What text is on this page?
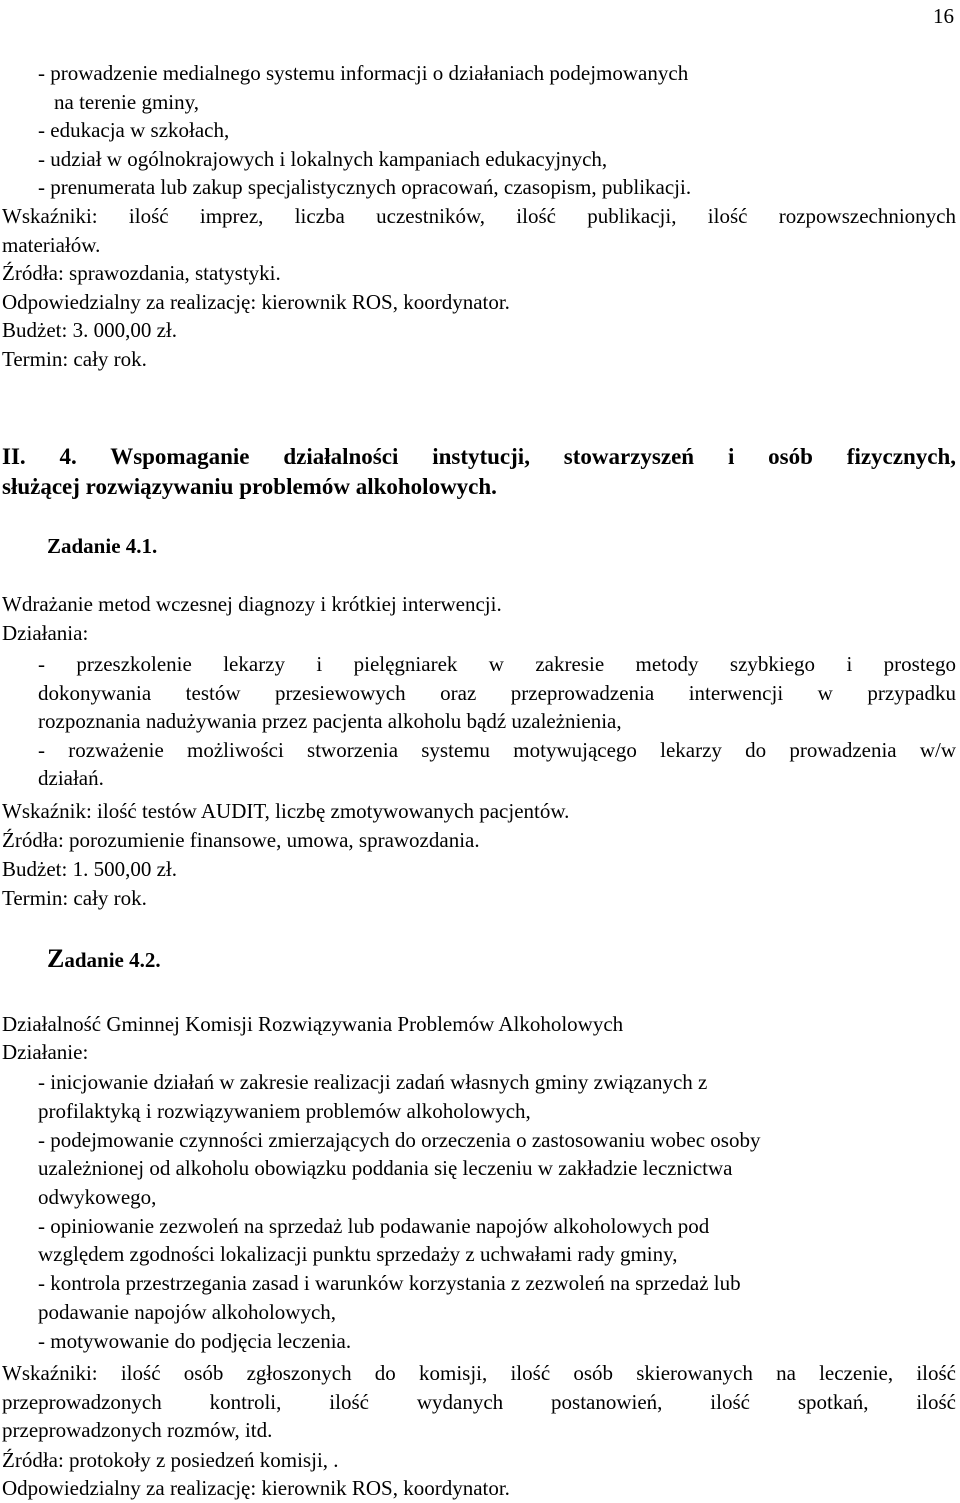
16
- prowadzenie medialnego systemu informacji o działaniach podejmowanych
na terenie gminy,
- edukacja w szkołach,
- udział w ogólnokrajowych i lokalnych kampaniach edukacyjnych,
- prenumerata lub zakup specjalistycznych opracowań, czasopism, publikacji.
Wskaźniki: ilość imprez, liczba uczestników, ilość publikacji, ilość rozpowszechnionych
materiałów.
Źródła: sprawozdania, statystyki.
Odpowiedzialny za realizację: kierownik ROS, koordynator.
Budżet: 3. 000,00 zł.
Termin: cały rok.
II. 4. Wspomaganie działalności instytucji, stowarzyszeń i osób fizycznych,
służącej rozwiązywaniu problemów alkoholowych.
Zadanie 4.1.
Wdrażanie metod wczesnej diagnozy i krótkiej interwencji.
Działania:
- przeszkolenie lekarzy i pielęgniarek w zakresie metody szybkiego i prostego
dokonywania testów przesiewowych oraz przeprowadzenia interwencji w przypadku
rozpoznania nadużywania przez pacjenta alkoholu bądź uzależnienia,
- rozważenie możliwości stworzenia systemu motywującego lekarzy do prowadzenia w/w
działań.
Wskaźnik: ilość testów AUDIT, liczbę zmotywowanych pacjentów.
Źródła: porozumienie finansowe, umowa, sprawozdania.
Budżet: 1. 500,00 zł.
Termin: cały rok.
Zadanie 4.2.
Działalność Gminnej Komisji Rozwiązywania Problemów Alkoholowych
Działanie:
- inicjowanie działań w zakresie realizacji zadań własnych gminy związanych z
profilaktyką i rozwiązywaniem problemów alkoholowych,
- podejmowanie czynności zmierzających do orzeczenia o zastosowaniu wobec osoby
uzależnionej od alkoholu obowiązku poddania się leczeniu w zakładzie lecznictwa
odwykowego,
- opiniowanie zezwoleń na sprzedaż lub podawanie napojów alkoholowych pod
względem zgodności lokalizacji punktu sprzedaży z uchwałami rady gminy,
- kontrola przestrzegania zasad i warunków korzystania z zezwoleń na sprzedaż lub
podawanie napojów alkoholowych,
- motywowanie do podjęcia leczenia.
Wskaźniki: ilość osób zgłoszonych do komisji, ilość osób skierowanych na leczenie, ilość
przeprowadzonych kontroli, ilość wydanych postanowień, ilość spotkań, ilość
przeprowadzonych rozmów, itd.
Źródła: protokoły z posiedzeń komisji, .
Odpowiedzialny za realizację: kierownik ROS, koordynator.
